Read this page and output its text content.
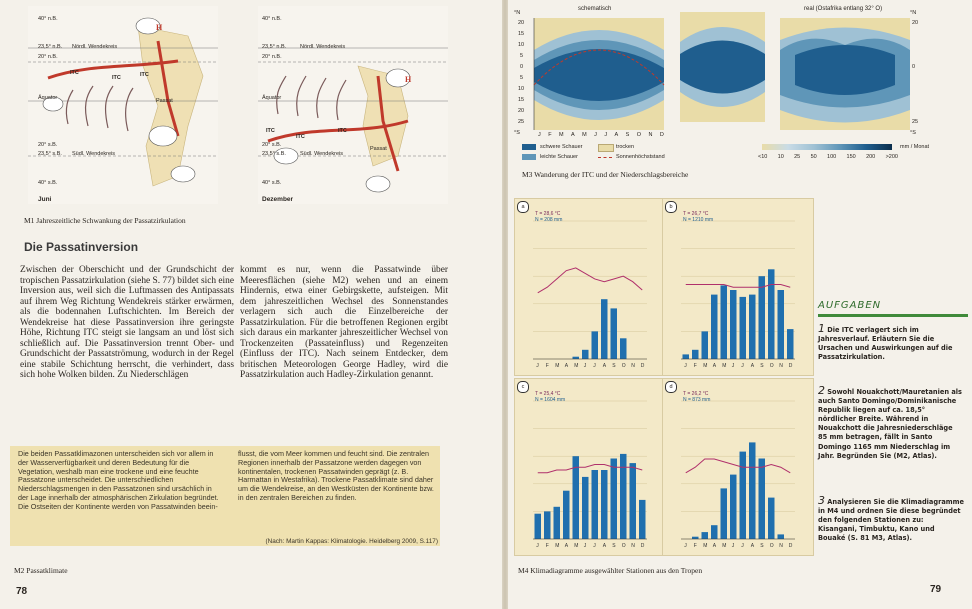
H
40° n.B.
23,5° n.B. Nördl. Wendekreis
20° n.B.
Äquator
20° s.B.
23,5° s.B. Südl. Wendekreis
40° s.B.
ITC
ITC	ITC
Passat
Juni
H
40° n.B.
23,5° n.B.	Nördl. Wendekreis
20° n.B.
Äquator
20° s.B.
23,5° s.B.	Südl. Wendekreis
40° s.B.
ITC
ITC
ITC
Passat
Dezember
M1 Jahreszeitliche Schwankung der Passatzirkulation
Die Passatinversion

Zwischen der Oberschicht und der Grundschicht der tropischen Passatzirkulation (siehe S. 77) bildet sich eine Inversion aus, weil sich die Luftmassen des Antipassats auf ihrem Weg Richtung Wendekreis stärker erwärmen, als die bodennahen Luftschichten. Im Bereich der Wendekreise hat diese Passatinversion ihre geringste Höhe, Richtung ITC steigt sie langsam an und löst sich schließlich auf. Die Passatinversion trennt Ober- und Grundschicht der Passatströmung, wodurch in der Regel eine stabile Schichtung herrscht, die verhindert, dass sich hohe Wolken bilden. Zu Niederschlägen

kommt es nur, wenn die Passatwinde über Meeresflächen (siehe M2) wehen und an einem Hindernis, etwa einer Gebirgskette, aufsteigen. Mit dem jahreszeitlichen Wechsel des Sonnenstandes verlagern sich auch die Einzelbereiche der Passatzirkulation. Für die betroffenen Regionen ergibt sich daraus ein markanter jahreszeitlicher Wechsel von Trockenzeiten (Passateinfluss) und Regenzeiten (Einfluss der ITC). Nach seinem Entdecker, dem britischen Meteorologen George Hadley, wird die Passatzirkulation auch Hadley-Zirkulation genannt.

Die beiden Passatklimazonen unterscheiden sich vor allem in der Wasserverfügbarkeit und deren Bedeutung für die Vegetation, weshalb man eine trockene und eine feuchte Passatzone unterscheidet. Die unterschiedlichen Niederschlagsmengen in den Passatzonen sind ursächlich in der Lage innerhalb der atmosphärischen Zirkulation begründet. Die Ostseiten der Kontinente werden von Passatwinden beein-
flusst, die vom Meer kommen und feucht sind. Die zentralen Regionen innerhalb der Passatzone werden dagegen von kontinentalen, trockenen Passatwinden geprägt (z. B. Harmattan in Westafrika). Trockene Passatklimate sind daher um die Wendekreise, an den Westküsten der Kontinente bzw. in den zentralen Bereichen zu finden.
(Nach: Martin Kappas: Klimatologie. Heidelberg 2009, S.117)
M2 Passatklimate
78
schematisch	real (Ostafrika entlang 32° O)
°N
20
15
10
5
0
5
10
15
20
25
°S	J F M A M J J A S O N D
°N
20
0
25
°S
schwere Schauer
leichte Schauer
trocken
Sonnenhöchststand
mm / Monat
<10 10 25 50 100 150 200 >200
M3 Wanderung der ITC und der Niederschlagsbereiche
J F M A M J J A S O N D
a
T = 28,6 °C
N = 208 mm
J F M A M J J A S O N D
b
T = 26,7 °C
N = 1210 mm
J F M A M J J A S O N D
c
T = 25,4 °C
N = 1604 mm
J F M A M J J A S O N D
d
T = 26,2 °C
N = 873 mm
M4 Klimadiagramme ausgewählter Stationen aus den Tropen
AUFGABEN
1 Die ITC verlagert sich im Jahresverlauf. Erläutern Sie die Ursachen und Auswirkungen auf die Passatzirkulation.
2 Sowohl Nouakchott/Mauretanien als auch Santo Domingo/Dominikanische Republik liegen auf ca. 18,5° nördlicher Breite. Während in Nouakchott die Jahresniederschläge 85 mm betragen, fällt in Santo Domingo 1165 mm Niederschlag im Jahr. Begründen Sie (M2, Atlas).
3 Analysieren Sie die Klimadiagramme in M4 und ordnen Sie diese begründet den folgenden Stationen zu: Kisangani, Timbuktu, Kano und Bouaké (S. 81 M3, Atlas).
79
